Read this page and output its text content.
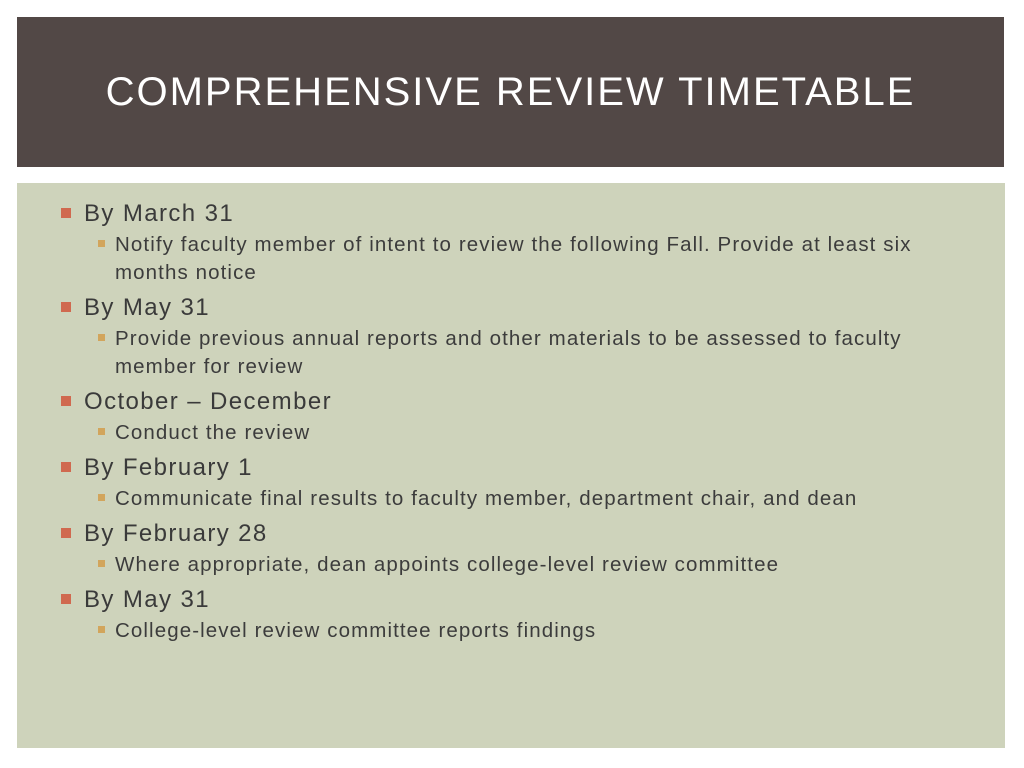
COMPREHENSIVE REVIEW TIMETABLE
By March 31
Notify faculty member of intent to review the following Fall. Provide at least six months notice
By May 31
Provide previous annual reports and other materials to be assessed to faculty member for review
October – December
Conduct the review
By February 1
Communicate final results to faculty member, department chair, and dean
By February 28
Where appropriate, dean appoints college-level review committee
By May 31
College-level review committee reports findings
